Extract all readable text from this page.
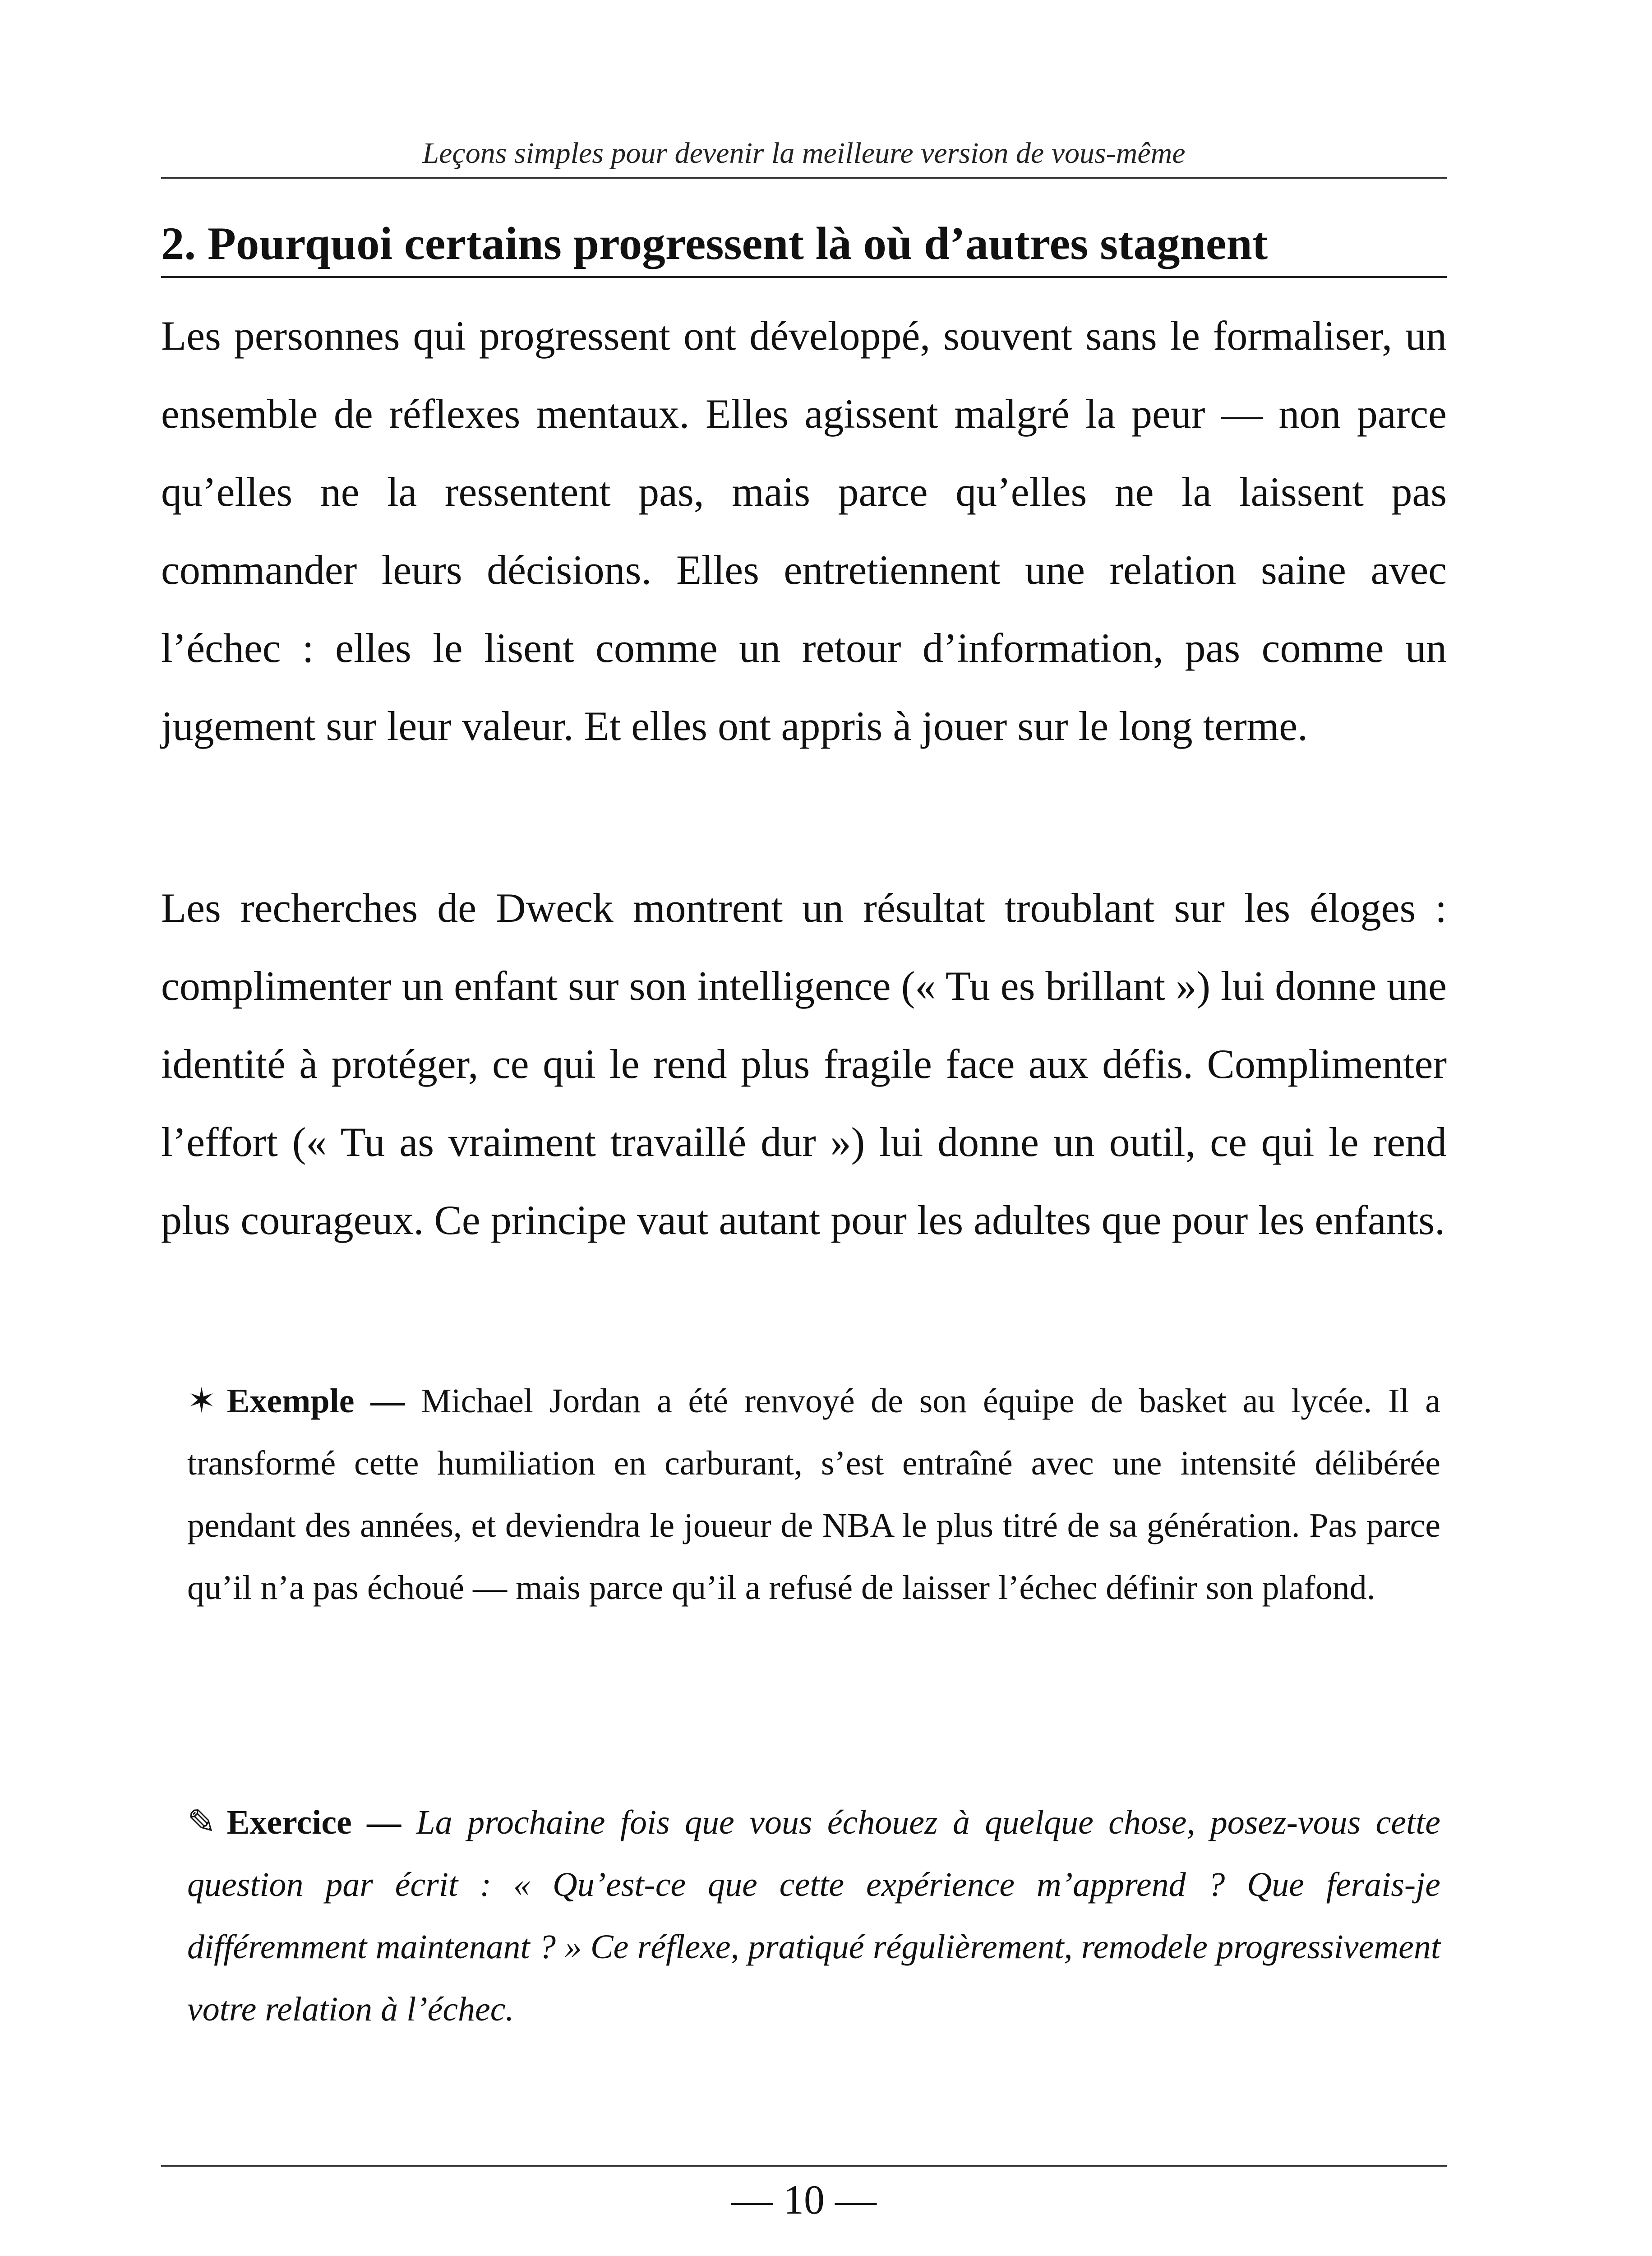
Leçons simples pour devenir la meilleure version de vous-même
2. Pourquoi certains progressent là où d’autres stagnent

Les personnes qui progressent ont développé, souvent sans le formaliser, un ensemble de réflexes mentaux. Elles agissent malgré la peur — non parce qu’elles ne la ressentent pas, mais parce qu’elles ne la laissent pas commander leurs décisions. Elles entretiennent une relation saine avec l’échec : elles le lisent comme un retour d’information, pas comme un jugement sur leur valeur. Et elles ont appris à jouer sur le long terme.

Les recherches de Dweck montrent un résultat troublant sur les éloges : complimenter un enfant sur son intelligence (« Tu es brillant ») lui donne une identité à protéger, ce qui le rend plus fragile face aux défis. Complimenter l’effort (« Tu as vraiment travaillé dur ») lui donne un outil, ce qui le rend plus courageux. Ce principe vaut autant pour les adultes que pour les enfants.

✶ Exemple — Michael Jordan a été renvoyé de son équipe de basket au lycée. Il a transformé cette humiliation en carburant, s’est entraîné avec une intensité délibérée pendant des années, et deviendra le joueur de NBA le plus titré de sa génération. Pas parce qu’il n’a pas échoué — mais parce qu’il a refusé de laisser l’échec définir son plafond.

✎ Exercice — La prochaine fois que vous échouez à quelque chose, posez-vous cette question par écrit : « Qu’est-ce que cette expérience m’apprend ? Que ferais-je différemment maintenant ? » Ce réflexe, pratiqué régulièrement, remodele progressivement votre relation à l’échec.

— 10 —
